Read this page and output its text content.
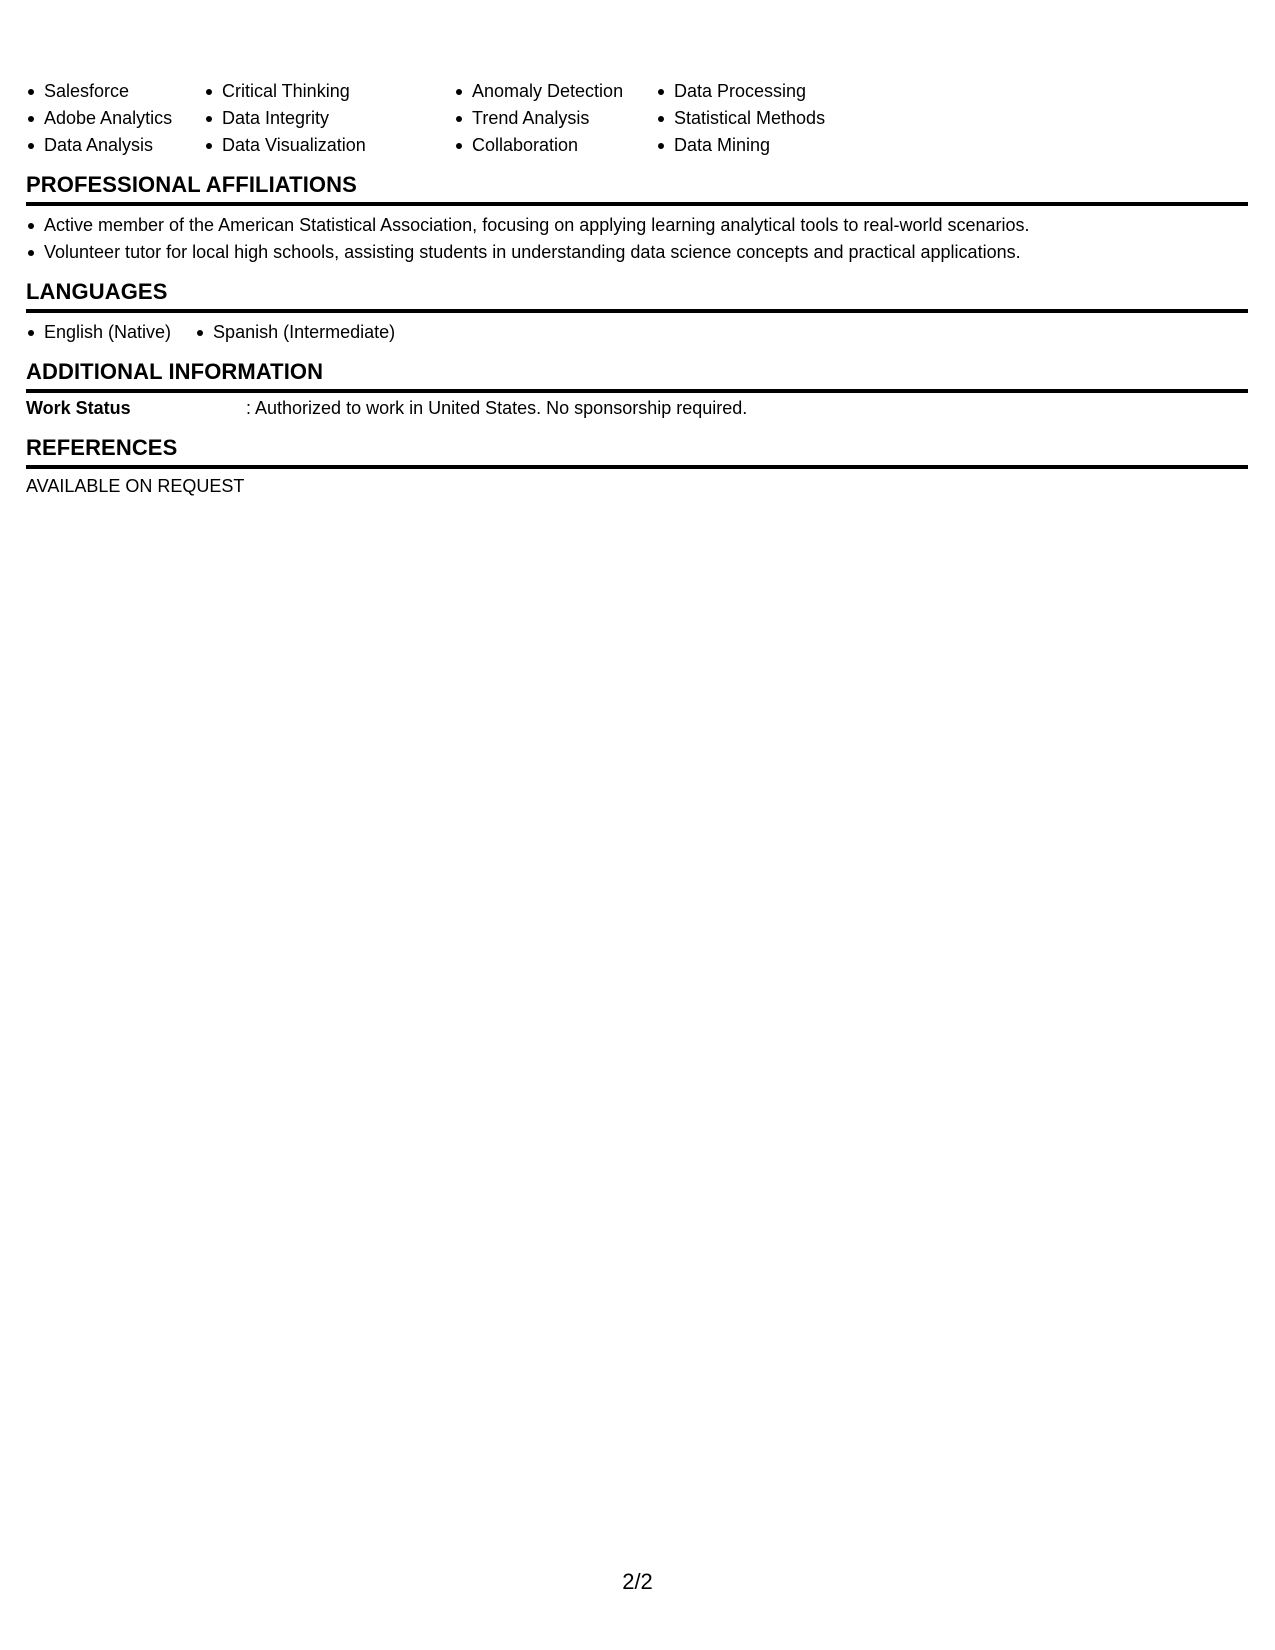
Salesforce
Adobe Analytics
Data Analysis
Critical Thinking
Data Integrity
Data Visualization
Anomaly Detection
Trend Analysis
Collaboration
Data Processing
Statistical Methods
Data Mining
PROFESSIONAL AFFILIATIONS
Active member of the American Statistical Association, focusing on applying learning analytical tools to real-world scenarios.
Volunteer tutor for local high schools, assisting students in understanding data science concepts and practical applications.
LANGUAGES
English (Native) Spanish (Intermediate)
ADDITIONAL INFORMATION
Work Status	: Authorized to work in United States. No sponsorship required.
REFERENCES
AVAILABLE ON REQUEST
2/2
